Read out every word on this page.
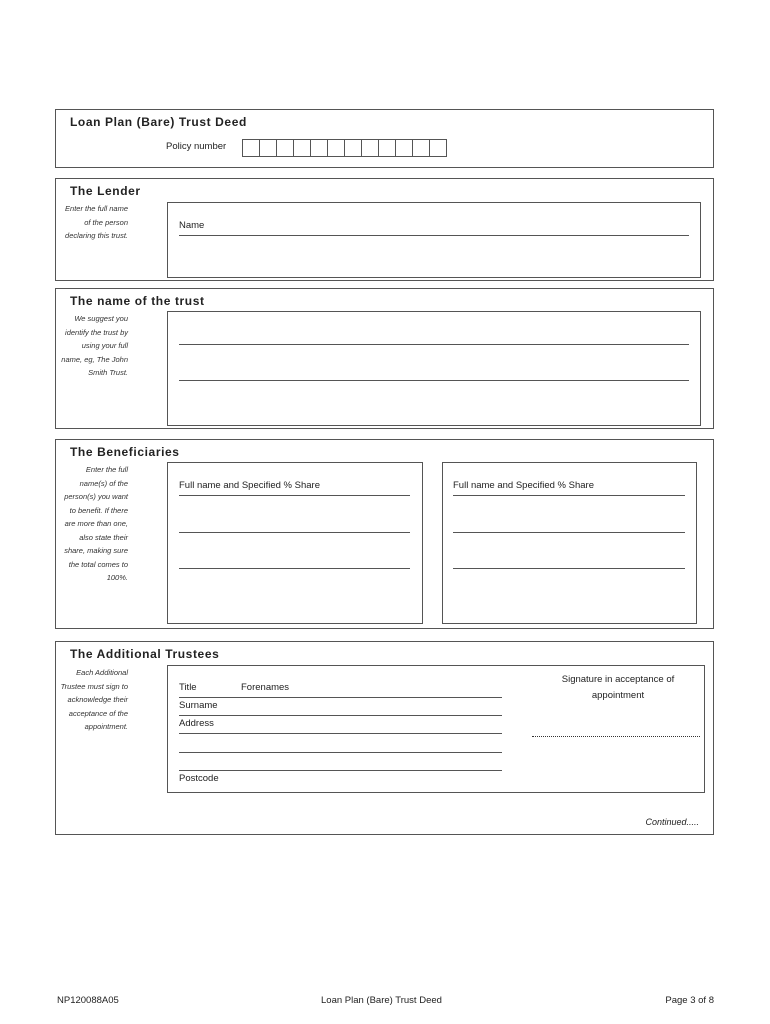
Loan Plan (Bare) Trust Deed
Policy number
The Lender
Enter the full name of the person declaring this trust.
Name
The name of the trust
We suggest you identify the trust by using your full name, eg, The John Smith Trust.
The Beneficiaries
Enter the full name(s) of the person(s) you want to benefit. If there are more than one, also state their share, making sure the total comes to 100%.
Full name and Specified % Share	Full name and Specified % Share
The Additional Trustees
Each Additional Trustee must sign to acknowledge their acceptance of the appointment.
Title	Forenames
Surname
Address
Postcode
Signature in acceptance of appointment
Continued.....
NP120088A05	Loan Plan (Bare) Trust Deed	Page 3 of 8
